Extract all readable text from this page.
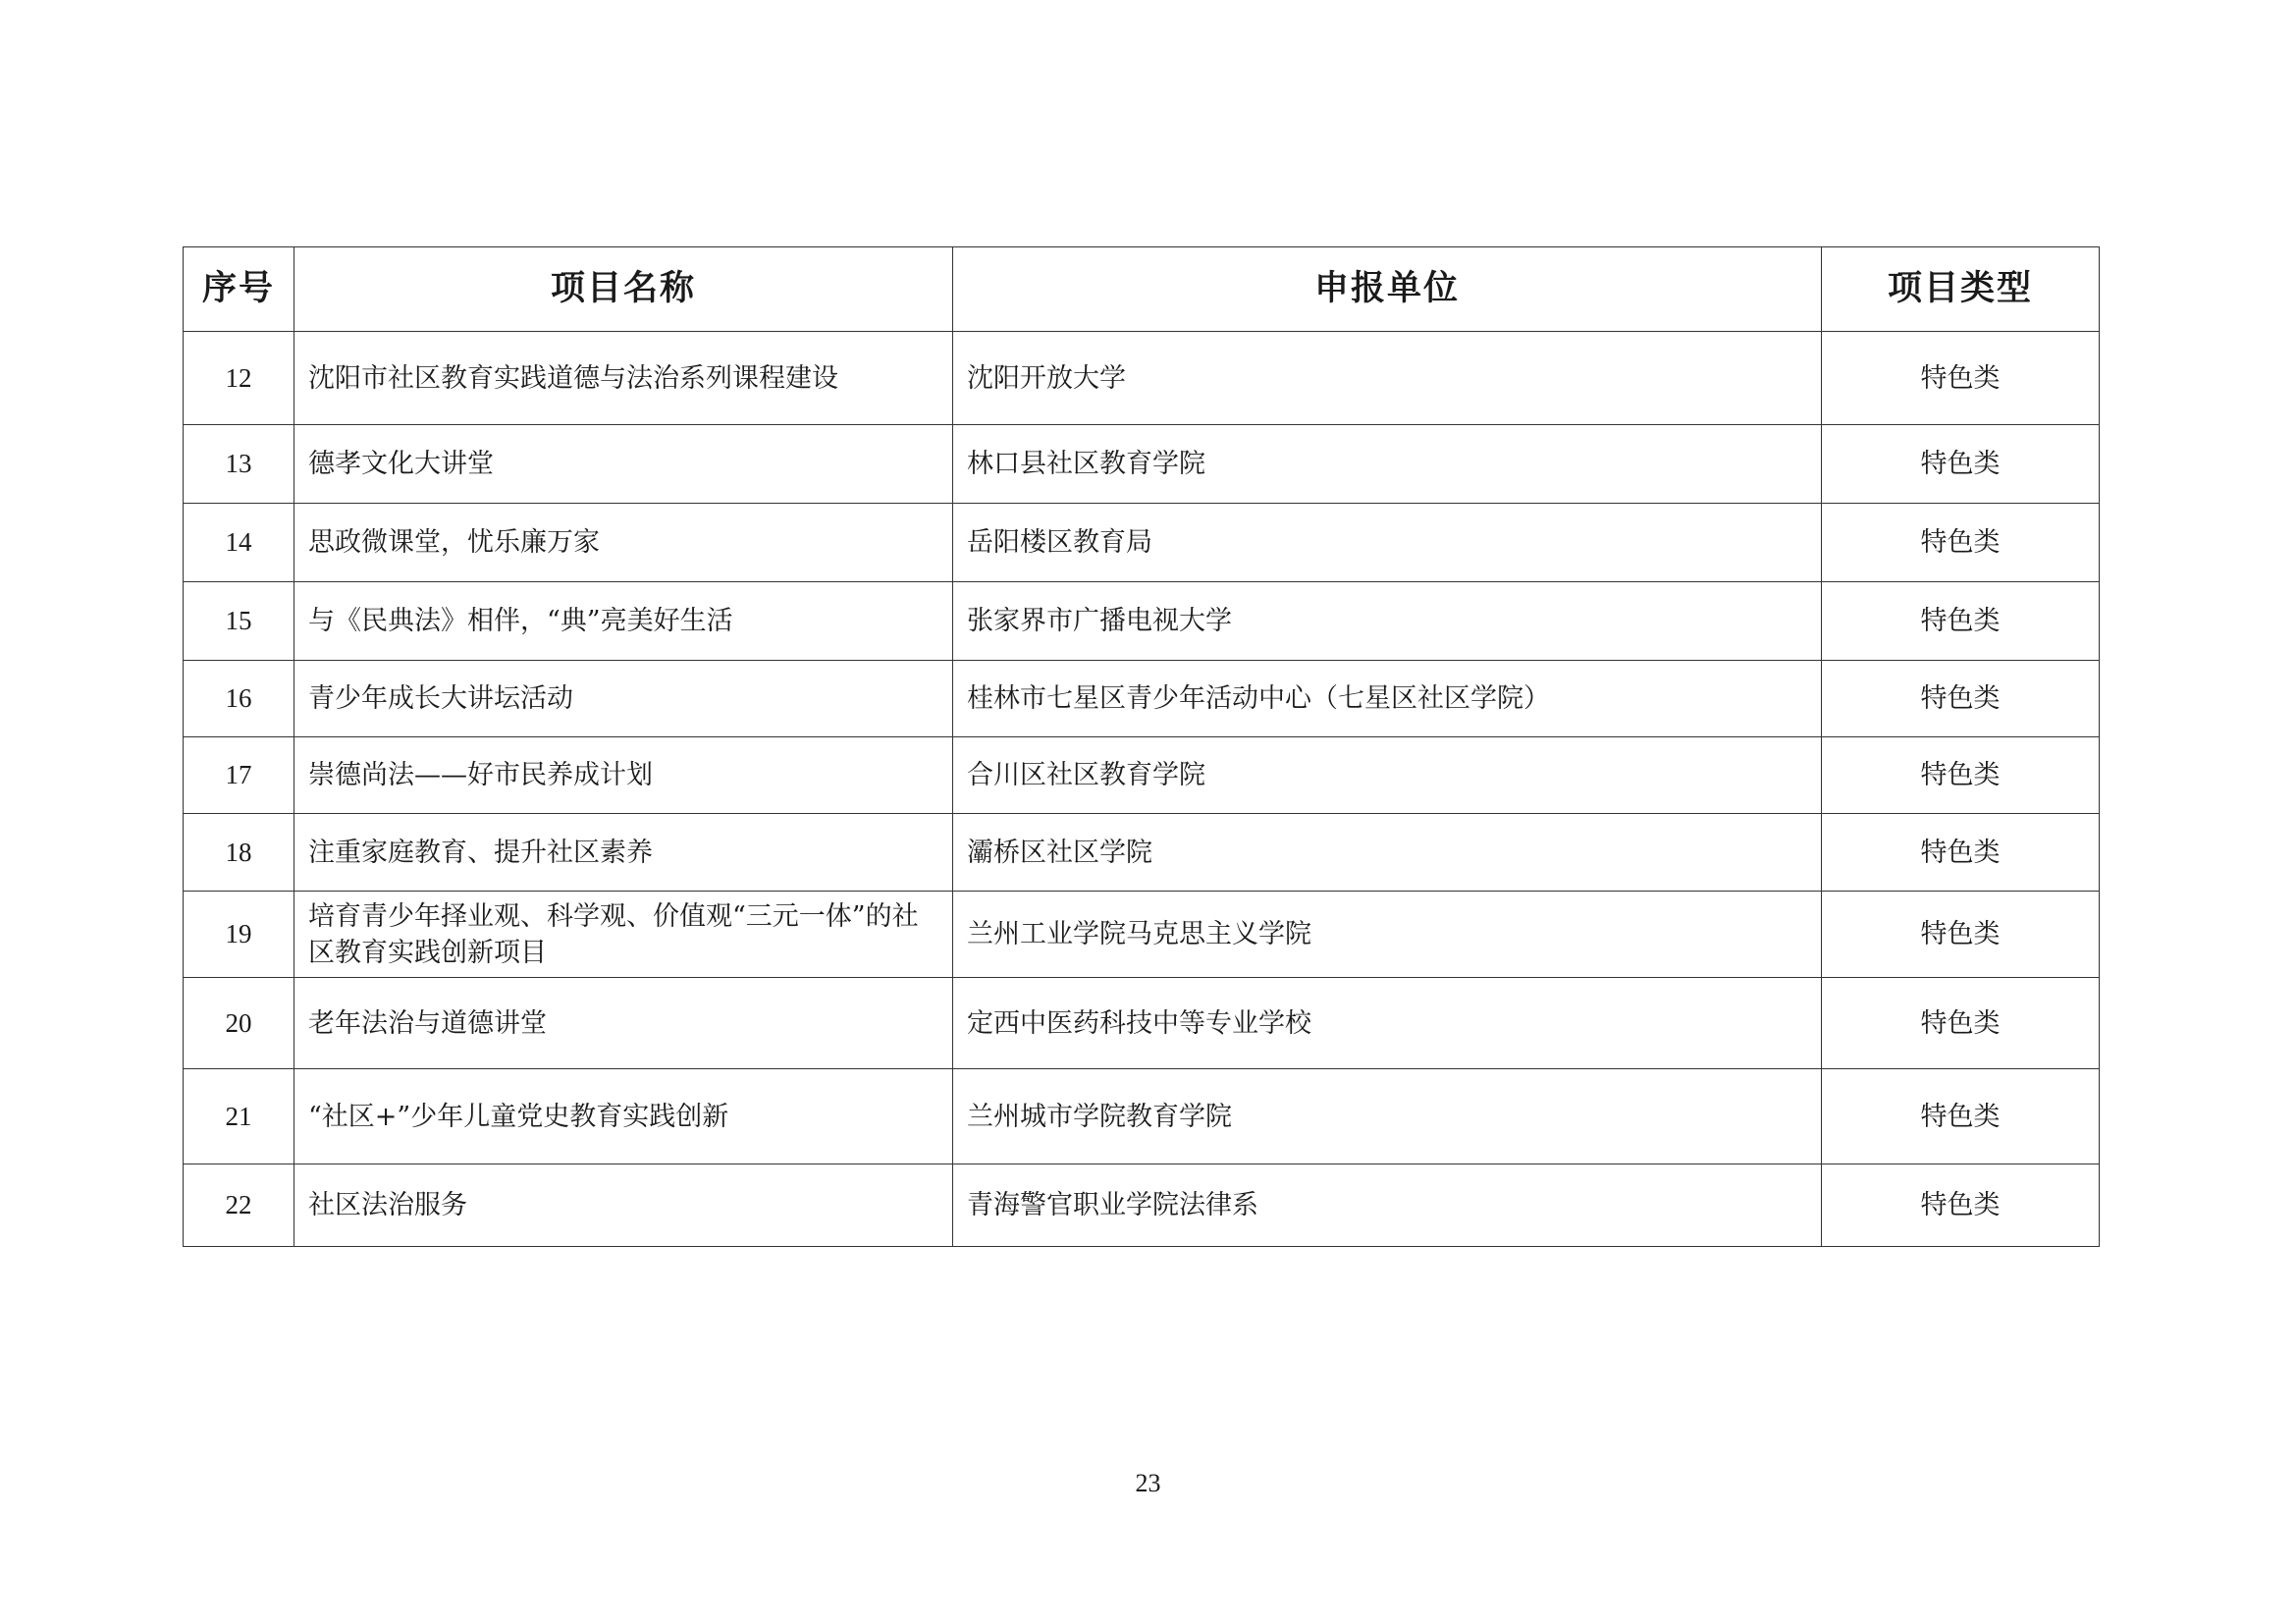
序号	项目名称	申报单位	项目类型
12	沈阳市社区教育实践道德与法治系列课程建设	沈阳开放大学	特色类
13	德孝文化大讲堂	林口县社区教育学院	特色类
14	思政微课堂，忧乐廉万家	岳阳楼区教育局	特色类
15	与《民典法》相伴，“典”亮美好生活	张家界市广播电视大学	特色类
16	青少年成长大讲坛活动	桂林市七星区青少年活动中心（七星区社区学院）	特色类
17	崇德尚法——好市民养成计划	合川区社区教育学院	特色类
18	注重家庭教育、提升社区素养	灞桥区社区学院	特色类
19	培育青少年择业观、科学观、价值观“三元一体”的社区教育实践创新项目	兰州工业学院马克思主义学院	特色类
20	老年法治与道德讲堂	定西中医药科技中等专业学校	特色类
21	“社区+”少年儿童党史教育实践创新	兰州城市学院教育学院	特色类
22	社区法治服务	青海警官职业学院法律系	特色类
23
